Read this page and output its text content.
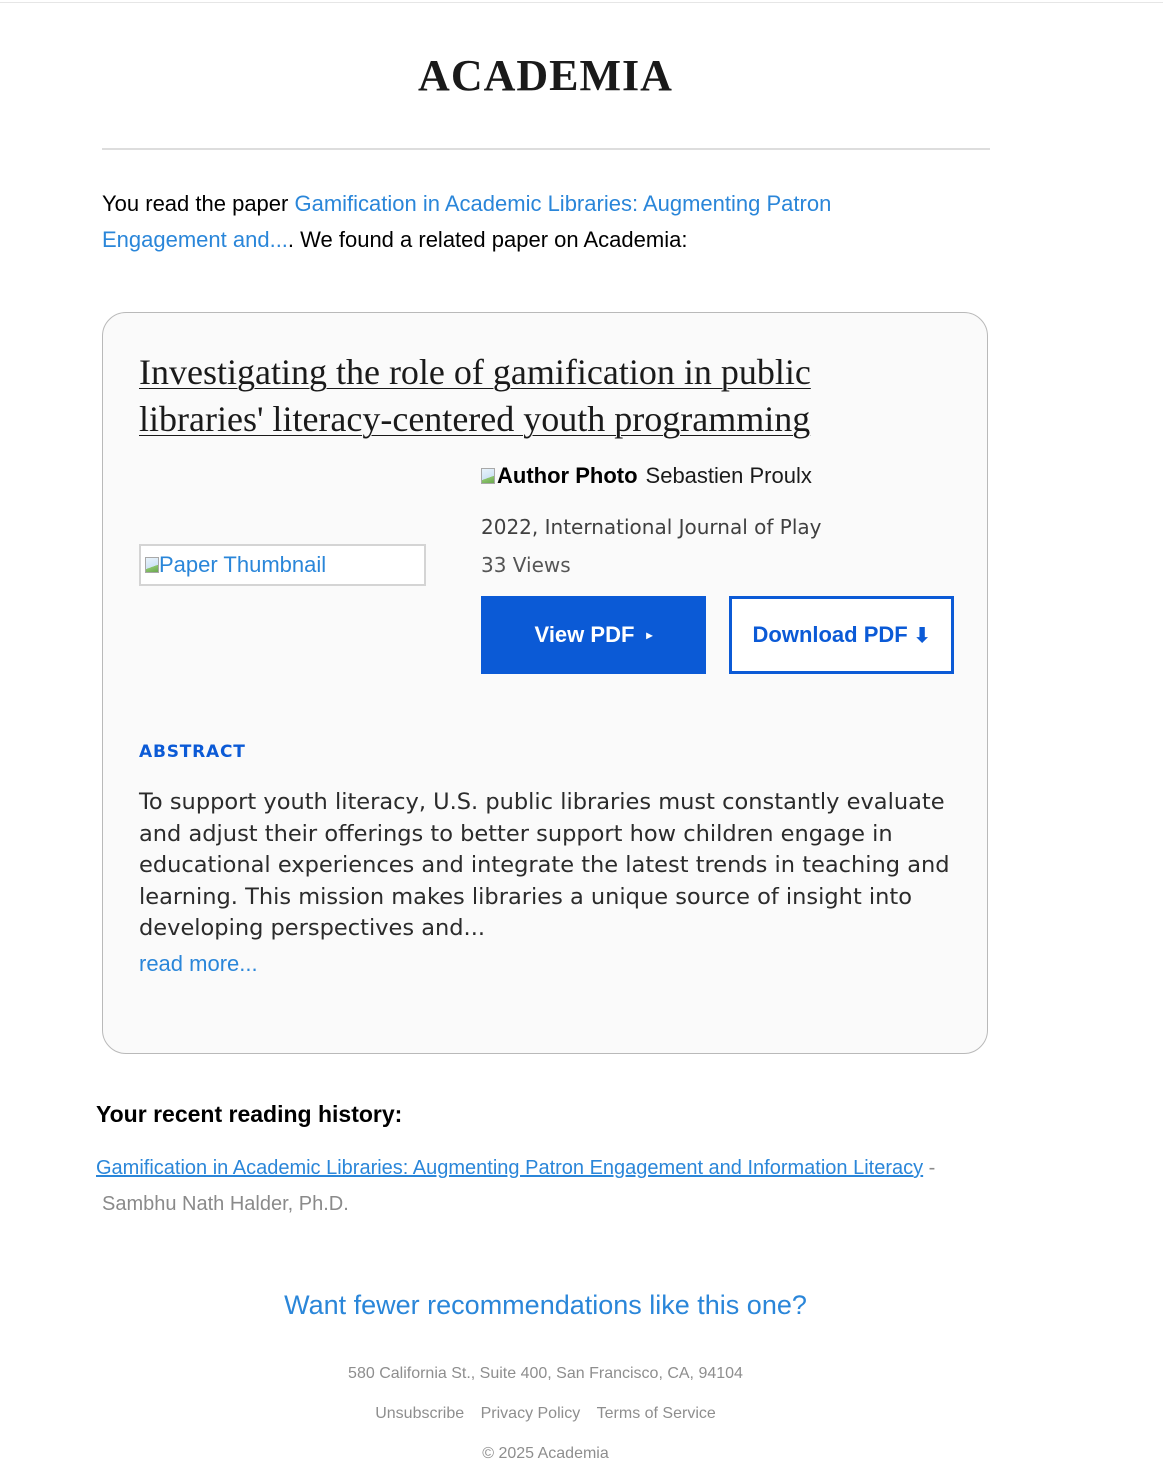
ACADEMIA
You read the paper Gamification in Academic Libraries: Augmenting Patron Engagement and.... We found a related paper on Academia:
Investigating the role of gamification in public libraries' literacy-centered youth programming
Paper Thumbnail
Author Photo Sebastien Proulx
2022, International Journal of Play
33 Views
View PDF ▸	Download PDF ⬇
ABSTRACT
To support youth literacy, U.S. public libraries must constantly evaluate and adjust their offerings to better support how children engage in educational experiences and integrate the latest trends in teaching and learning. This mission makes libraries a unique source of insight into developing perspectives and...
read more...
Your recent reading history:
Gamification in Academic Libraries: Augmenting Patron Engagement and Information Literacy -
Sambhu Nath Halder, Ph.D.
Want fewer recommendations like this one?
580 California St., Suite 400, San Francisco, CA, 94104
Unsubscribe Privacy Policy Terms of Service
© 2025 Academia
